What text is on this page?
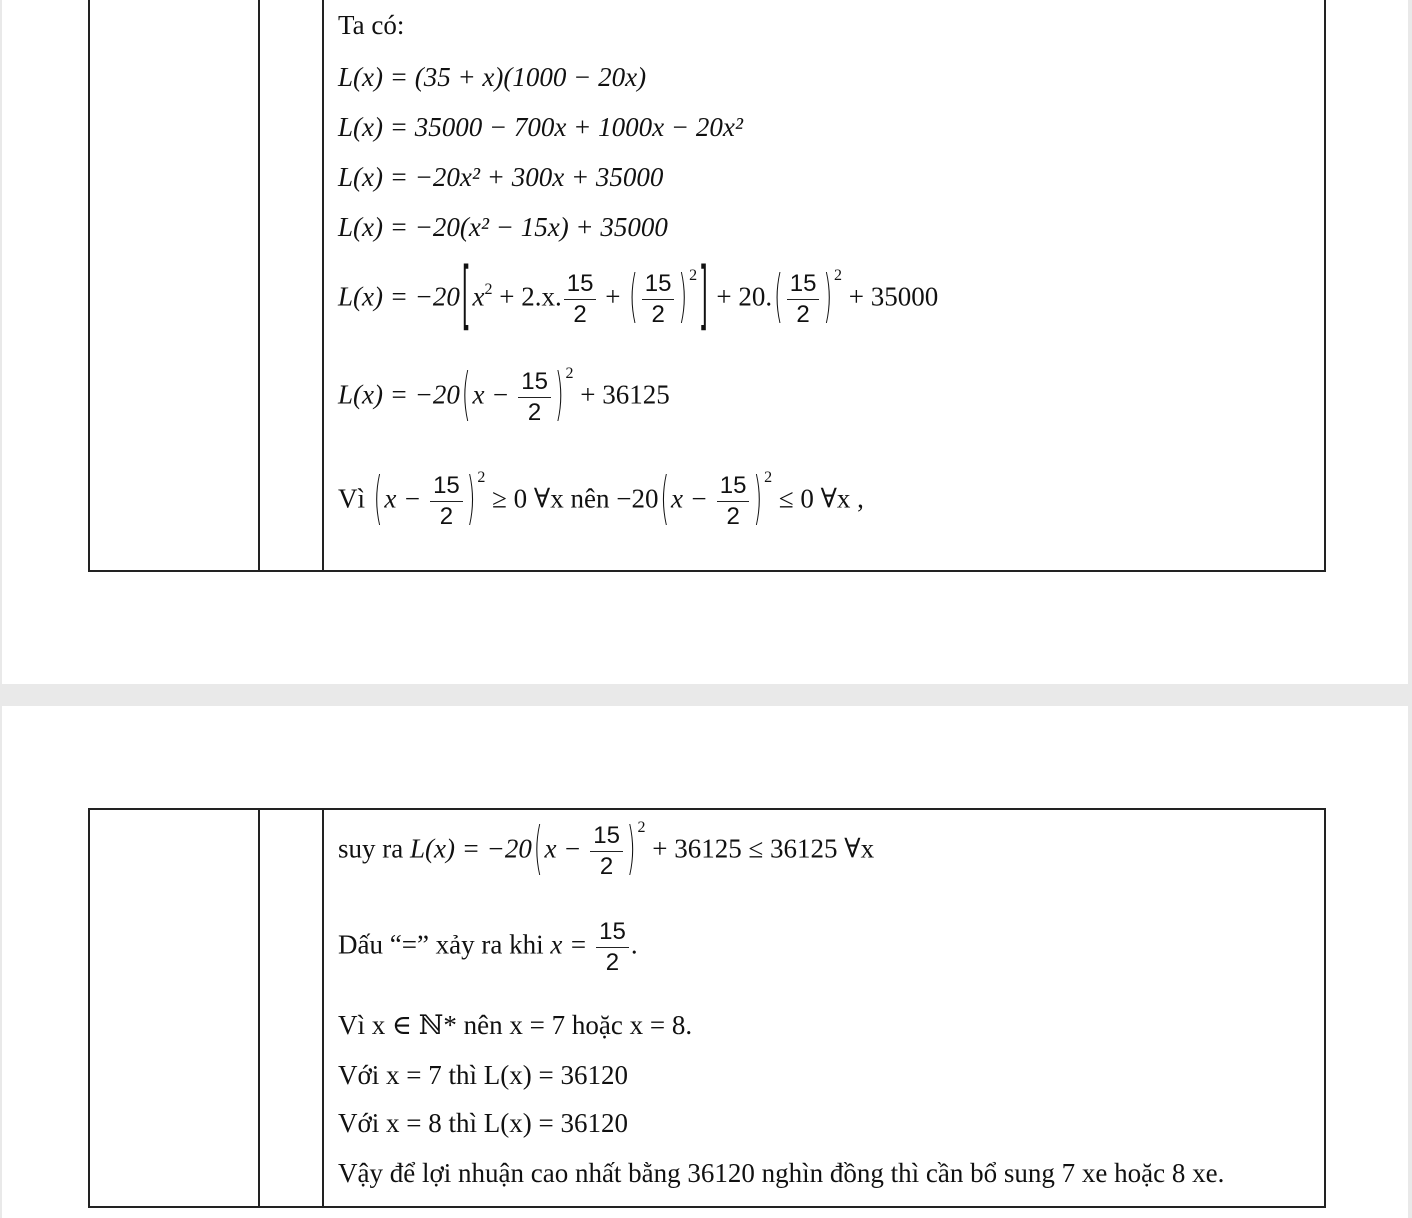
Ta có:
L(x) = (35 + x)(1000 − 20x)
L(x) = 35000 − 700x + 1000x − 20x²
L(x) = −20x² + 300x + 35000
L(x) = −20(x² − 15x) + 35000
$L(x) = -20[x^2 + 2.x$. $\frac{15}{2}$ + ( $\frac{15}{2}$ ) $^2] + 20.( \frac{15}{2}$ ) $^2$ + 35000
$L(x) = -20(x - \frac{15}{2}$ ) $^2$ + 36125
Vì ($x - \frac{15}{2}$ ) $^2$ ≥ 0 ∀x nên $-20(x - \frac{15}{2}$ ) $^2$ ≤ 0 ∀x ,
suy ra $L(x) = -20(x - \frac{15}{2}$ ) $^2$ + 36125 ≤ 36125 ∀x
Dấu “=” xảy ra khi $x = \frac{15}{2}$ .
Vì x ∈ ℕ* nên x = 7 hoặc x = 8.
Với x = 7 thì L(x) = 36120
Với x = 8 thì L(x) = 36120
Vậy để lợi nhuận cao nhất bằng 36120 nghìn đồng thì cần bổ sung 7 xe hoặc 8 xe.
